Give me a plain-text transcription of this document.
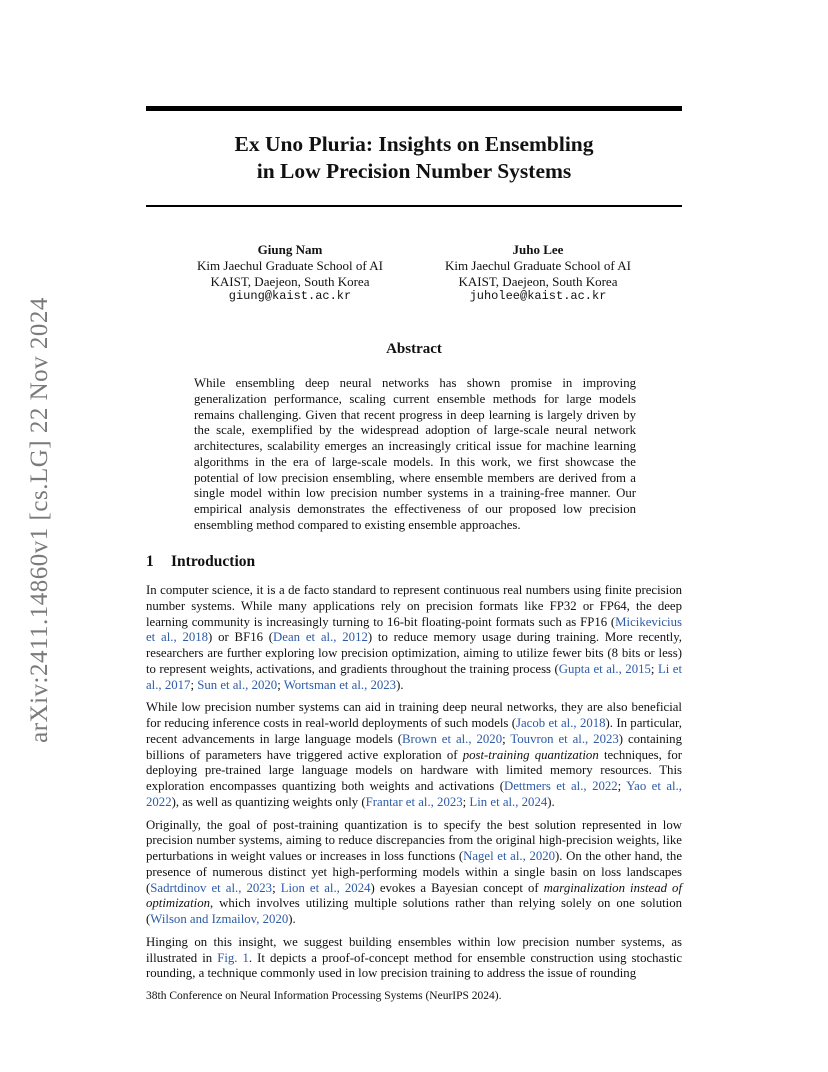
arXiv:2411.14860v1 [cs.LG] 22 Nov 2024
Ex Uno Pluria: Insights on Ensembling
in Low Precision Number Systems
Giung Nam
Kim Jaechul Graduate School of AI
KAIST, Daejeon, South Korea
giung@kaist.ac.kr
Juho Lee
Kim Jaechul Graduate School of AI
KAIST, Daejeon, South Korea
juholee@kaist.ac.kr
Abstract
While ensembling deep neural networks has shown promise in improving generalization performance, scaling current ensemble methods for large models remains challenging. Given that recent progress in deep learning is largely driven by the scale, exemplified by the widespread adoption of large-scale neural network architectures, scalability emerges an increasingly critical issue for machine learning algorithms in the era of large-scale models. In this work, we first showcase the potential of low precision ensembling, where ensemble members are derived from a single model within low precision number systems in a training-free manner. Our empirical analysis demonstrates the effectiveness of our proposed low precision ensembling method compared to existing ensemble approaches.
1 Introduction

In computer science, it is a de facto standard to represent continuous real numbers using finite precision number systems. While many applications rely on precision formats like FP32 or FP64, the deep learning community is increasingly turning to 16-bit floating-point formats such as FP16 (Micikevicius et al., 2018) or BF16 (Dean et al., 2012) to reduce memory usage during training. More recently, researchers are further exploring low precision optimization, aiming to utilize fewer bits (8 bits or less) to represent weights, activations, and gradients throughout the training process (Gupta et al., 2015; Li et al., 2017; Sun et al., 2020; Wortsman et al., 2023).

While low precision number systems can aid in training deep neural networks, they are also beneficial for reducing inference costs in real-world deployments of such models (Jacob et al., 2018). In particular, recent advancements in large language models (Brown et al., 2020; Touvron et al., 2023) containing billions of parameters have triggered active exploration of post-training quantization techniques, for deploying pre-trained large language models on hardware with limited memory resources. This exploration encompasses quantizing both weights and activations (Dettmers et al., 2022; Yao et al., 2022), as well as quantizing weights only (Frantar et al., 2023; Lin et al., 2024).

Originally, the goal of post-training quantization is to specify the best solution represented in low precision number systems, aiming to reduce discrepancies from the original high-precision weights, like perturbations in weight values or increases in loss functions (Nagel et al., 2020). On the other hand, the presence of numerous distinct yet high-performing models within a single basin on loss landscapes (Sadrtdinov et al., 2023; Lion et al., 2024) evokes a Bayesian concept of marginalization instead of optimization, which involves utilizing multiple solutions rather than relying solely on one solution (Wilson and Izmailov, 2020).

Hinging on this insight, we suggest building ensembles within low precision number systems, as illustrated in Fig. 1. It depicts a proof-of-concept method for ensemble construction using stochastic rounding, a technique commonly used in low precision training to address the issue of rounding

38th Conference on Neural Information Processing Systems (NeurIPS 2024).
